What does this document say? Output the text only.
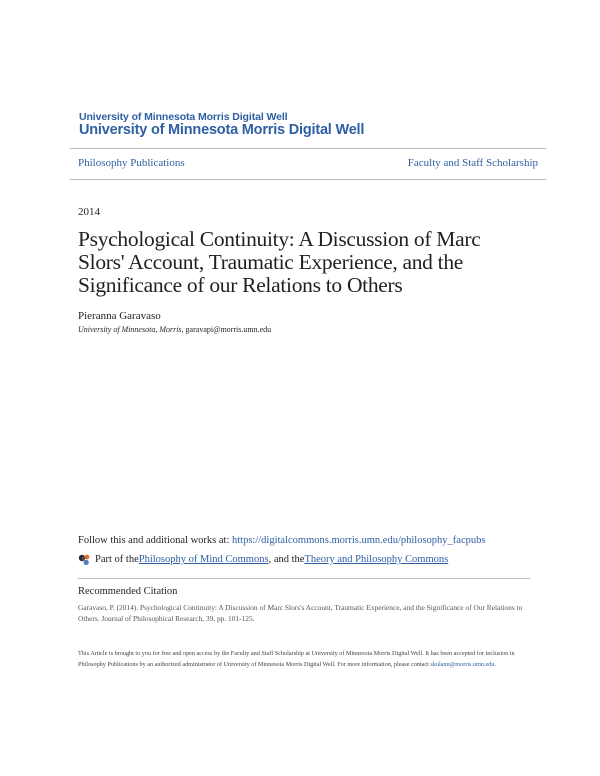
University of Minnesota Morris Digital Well
University of Minnesota Morris Digital Well
Philosophy Publications	Faculty and Staff Scholarship
2014
Psychological Continuity: A Discussion of Marc
Slors' Account, Traumatic Experience, and the
Significance of our Relations to Others
Pieranna Garavaso
University of Minnesota, Morris, garavapi@morris.umn.edu
Follow this and additional works at: https://digitalcommons.morris.umn.edu/philosophy_facpubs
Part of the Philosophy of Mind Commons , and the Theory and Philosophy Commons
Recommended Citation
Garavaso, P. (2014). Psychological Continuity: A Discussion of Marc Slors's Account, Traumatic Experience, and the Significance of Our Relations to Others. Journal of Philosophical Research, 39, pp. 101-125.
This Article is brought to you for free and open access by the Faculty and Staff Scholarship at University of Minnesota Morris Digital Well. It has been accepted for inclusion in Philosophy Publications by an authorized administrator of University of Minnesota Morris Digital Well. For more information, please contact skulann@morris.umn.edu.
